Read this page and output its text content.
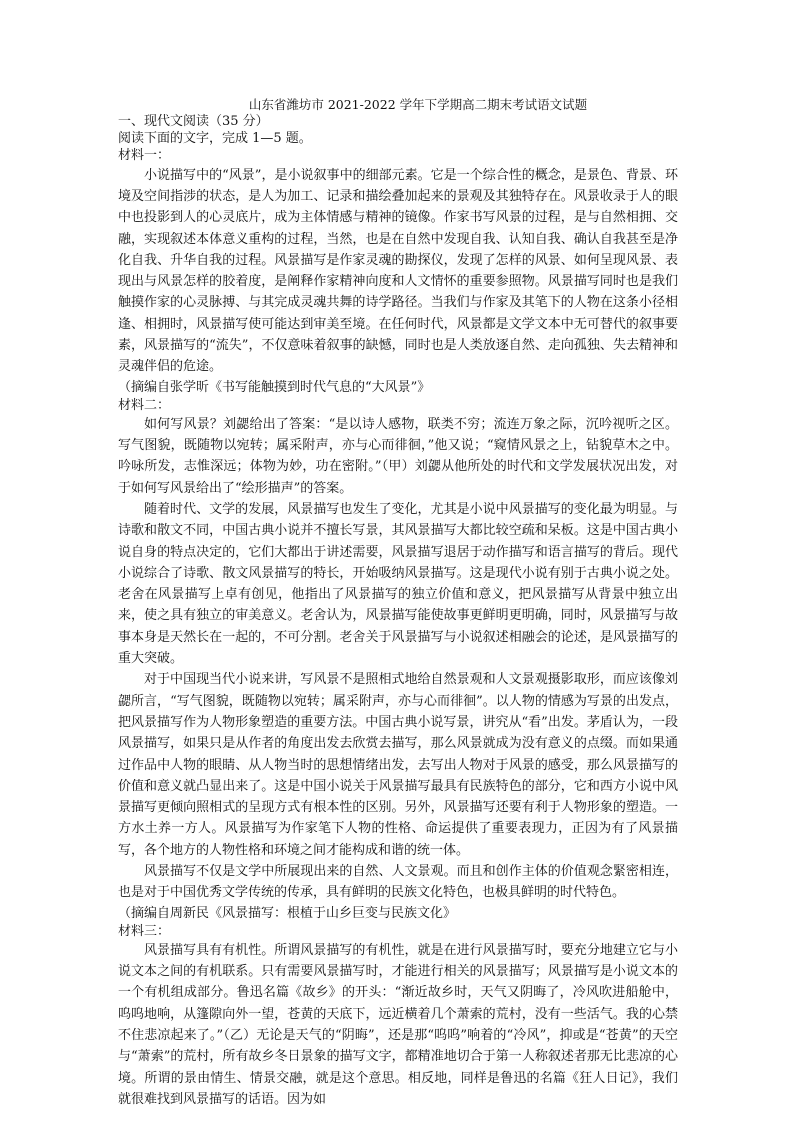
山东省潍坊市 2021-2022 学年下学期高二期末考试语文试题

一、现代文阅读（35 分）

阅读下面的文字，完成 1—5 题。

材料一：

小说描写中的“风景”，是小说叙事中的细部元素。它是一个综合性的概念，是景色、背景、环境及空间指涉的状态，是人为加工、记录和描绘叠加起来的景观及其独特存在。风景收录于人的眼中也投影到人的心灵底片，成为主体情感与精神的镜像。作家书写风景的过程，是与自然相拥、交融，实现叙述本体意义重构的过程，当然，也是在自然中发现自我、认知自我、确认自我甚至是净化自我、升华自我的过程。风景描写是作家灵魂的勘探仪，发现了怎样的风景、如何呈现风景、表现出与风景怎样的胶着度，是阐释作家精神向度和人文情怀的重要参照物。风景描写同时也是我们触摸作家的心灵脉搏、与其完成灵魂共舞的诗学路径。当我们与作家及其笔下的人物在这条小径相逢、相拥时，风景描写使可能达到审美至境。在任何时代，风景都是文学文本中无可替代的叙事要素，风景描写的“流失”，不仅意味着叙事的缺憾，同时也是人类放逐自然、走向孤独、失去精神和灵魂伴侣的危途。

（摘编自张学昕《书写能触摸到时代气息的“大风景”》

材料二：

如何写风景？刘勰给出了答案：“是以诗人感物，联类不穷；流连万象之际，沉吟视听之区。写气图貌，既随物以宛转；属采附声，亦与心而徘徊，”他又说；“窥情风景之上，钻貌草木之中。吟咏所发，志惟深远；体物为妙，功在密附。”（甲）刘勰从他所处的时代和文学发展状况出发，对于如何写风景给出了“绘形描声”的答案。

随着时代、文学的发展，风景描写也发生了变化，尤其是小说中风景描写的变化最为明显。与诗歌和散文不同，中国古典小说并不擅长写景，其风景描写大都比较空疏和呆板。这是中国古典小说自身的特点决定的，它们大都出于讲述需要，风景描写退居于动作描写和语言描写的背后。现代小说综合了诗歌、散文风景描写的特长，开始吸纳风景描写。这是现代小说有别于古典小说之处。老舍在风景描写上卓有创见，他指出了风景描写的独立价值和意义，把风景描写从背景中独立出来，使之具有独立的审美意义。老舍认为，风景描写能使故事更鲜明更明确，同时，风景描写与故事本身是天然长在一起的，不可分割。老舍关于风景描写与小说叙述相融会的论述，是风景描写的重大突破。

对于中国现当代小说来讲，写风景不是照相式地给自然景观和人文景观摄影取形，而应该像刘勰所言，“写气图貌，既随物以宛转；属采附声，亦与心而徘徊”。以人物的情感为写景的出发点，把风景描写作为人物形象塑造的重要方法。中国古典小说写景，讲究从“看”出发。茅盾认为，一段风景描写，如果只是从作者的角度出发去欣赏去描写，那么风景就成为没有意义的点缀。而如果通过作品中人物的眼睛、从人物当时的思想情绪出发，去写出人物对于风景的感受，那么风景描写的价值和意义就凸显出来了。这是中国小说关于风景描写最具有民族特色的部分，它和西方小说中风景描写更倾向照相式的呈现方式有根本性的区别。另外，风景描写还要有利于人物形象的塑造。一方水土养一方人。风景描写为作家笔下人物的性格、命运提供了重要表现力，正因为有了风景描写，各个地方的人物性格和环境之间才能构成和谐的统一体。

风景描写不仅是文学中所展现出来的自然、人文景观。而且和创作主体的价值观念緊密相连，也是对于中国优秀文学传统的传承，具有鲜明的民族文化特色，也极具鲜明的时代特色。

（摘编自周新民《风景描写：根植于山乡巨变与民族文化》

材料三：

风景描写具有有机性。所谓风景描写的有机性，就是在进行风景描写时，要充分地建立它与小说文本之间的有机联系。只有需要风景描写时，才能进行相关的风景描写；风景描写是小说文本的一个有机组成部分。鲁迅名篇《故乡》的开头：“渐近故乡时，天气又阴晦了，冷风吹进船舱中，呜呜地响，从篷隙向外一望，苍黄的天底下，远近横着几个萧索的荒村，没有一些活气。我的心禁不住悲凉起来了。”（乙）无论是天气的“阴晦”，还是那“呜呜”响着的“冷风”，抑或是“苍黄”的天空与“萧索”的荒村，所有故乡冬日景象的描写文字，都精准地切合于第一人称叙述者那无比悲凉的心境。所谓的景由情生、情景交融，就是这个意思。相反地，同样是鲁迅的名篇《狂人日记》，我们就很难找到风景描写的话语。因为如
